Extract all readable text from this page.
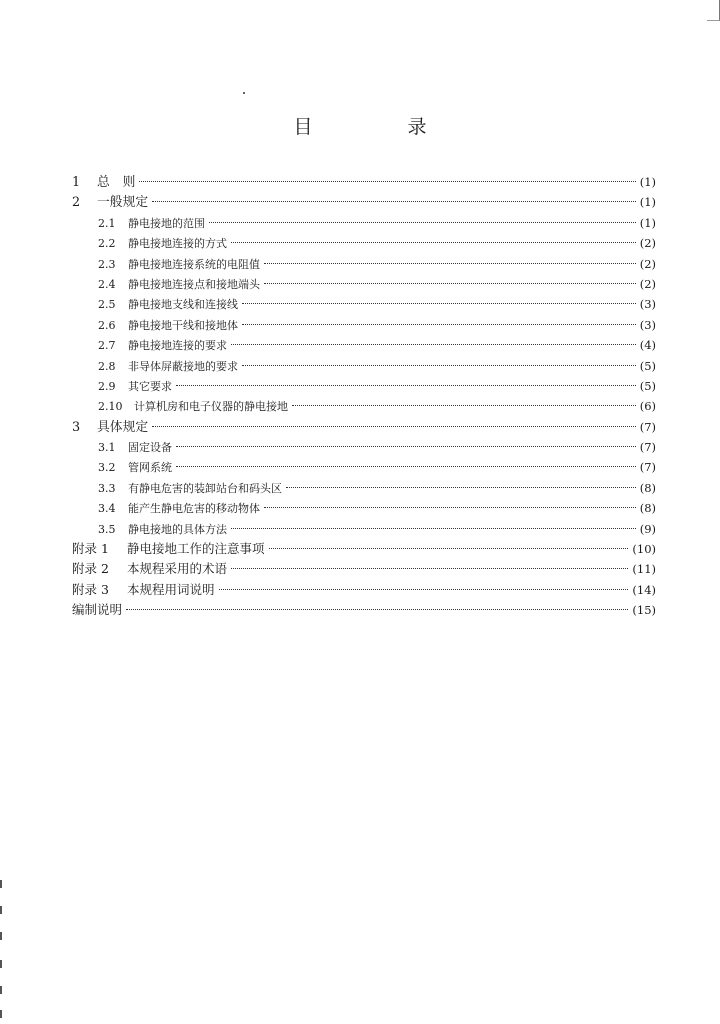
目　录
1	总　则	(1)
2	一般规定	(1)
2.1	静电接地的范围	(1)
2.2	静电接地连接的方式	(2)
2.3	静电接地连接系统的电阻值	(2)
2.4	静电接地连接点和接地端头	(2)
2.5	静电接地支线和连接线	(3)
2.6	静电接地干线和接地体	(3)
2.7	静电接地连接的要求	(4)
2.8	非导体屏蔽接地的要求	(5)
2.9	其它要求	(5)
2.10	计算机房和电子仪器的静电接地	(6)
3	具体规定	(7)
3.1	固定设备	(7)
3.2	管网系统	(7)
3.3	有静电危害的装卸站台和码头区	(8)
3.4	能产生静电危害的移动物体	(8)
3.5	静电接地的具体方法	(9)
附录 1	静电接地工作的注意事项	(10)
附录 2	本规程采用的术语	(11)
附录 3	本规程用词说明	(14)
编制说明	(15)
